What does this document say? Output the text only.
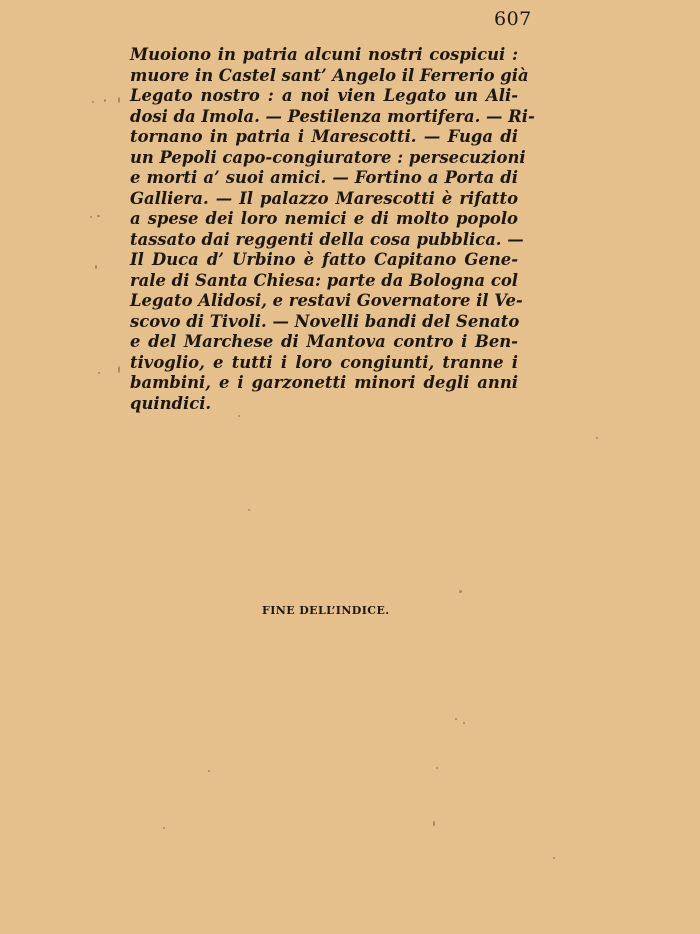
607
Muoiono in patria alcuni nostri cospicui :
muore in Castel sant’ Angelo il Ferrerio già
Legato nostro : a noi vien Legato un Ali-
dosi da Imola. — Pestilenza mortifera. — Ri-
tornano in patria i Marescotti. — Fuga di
un Pepoli capo-congiuratore : persecuzioni
e morti a’ suoi amici. — Fortino a Porta di
Galliera. — Il palazzo Marescotti è rifatto
a spese dei loro nemici e di molto popolo
tassato dai reggenti della cosa pubblica. —
Il Duca d’ Urbino è fatto Capitano Gene-
rale di Santa Chiesa: parte da Bologna col
Legato Alidosi, e restavi Governatore il Ve-
scovo di Tivoli. — Novelli bandi del Senato
e del Marchese di Mantova contro i Ben-
tivoglio, e tutti i loro congiunti, tranne i
bambini, e i garzonetti minori degli anni
quindici.
FINE DELL’INDICE.
